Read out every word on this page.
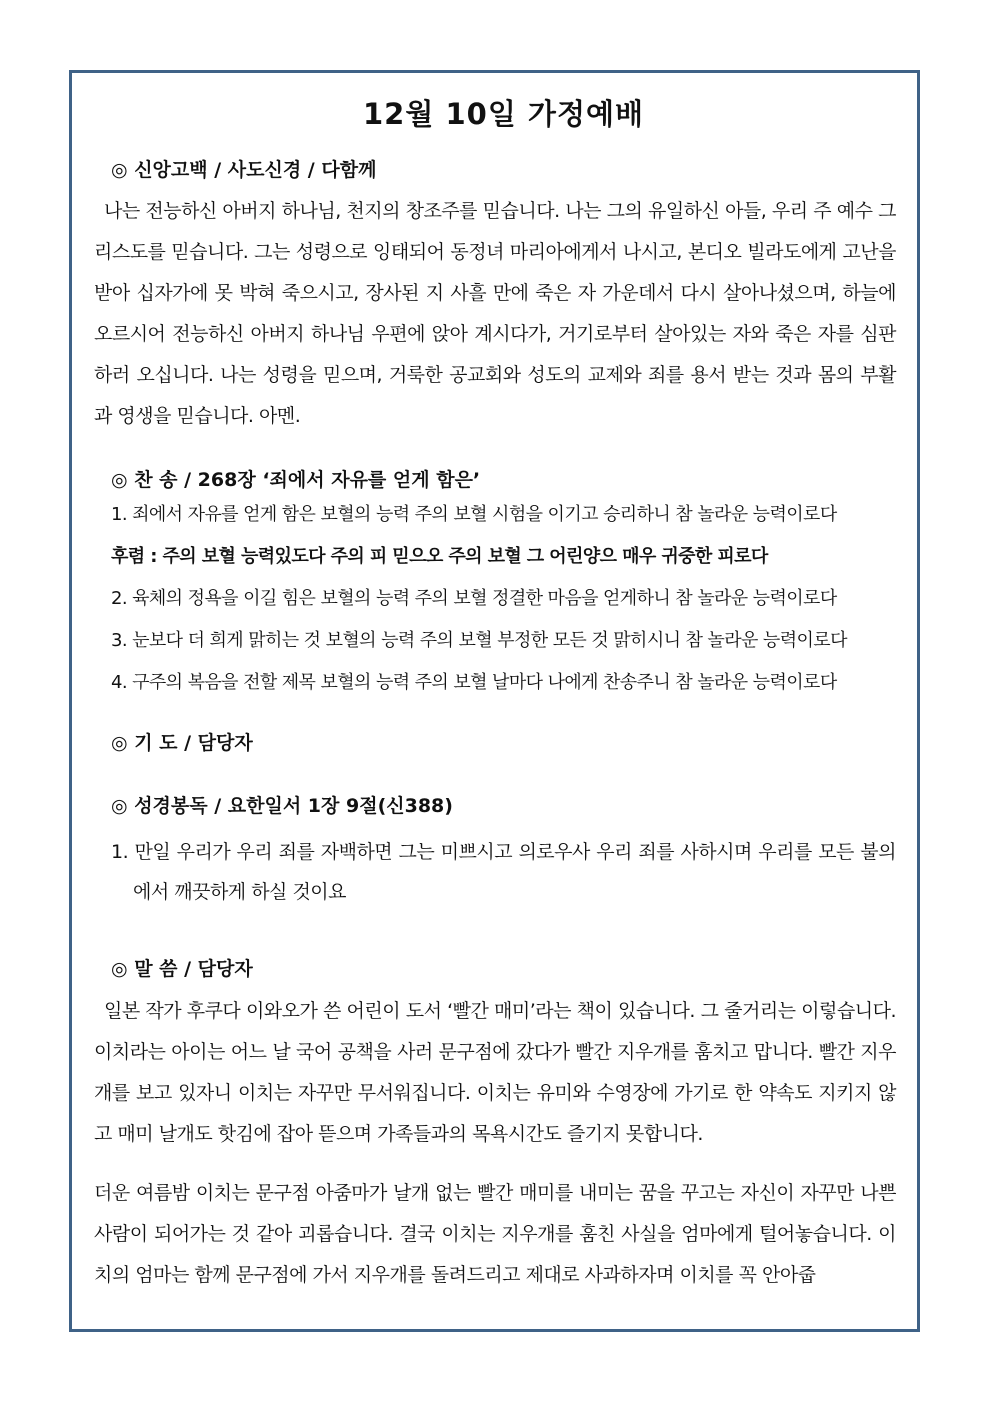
12월 10일 가정예배

◎ 신앙고백 / 사도신경 / 다함께

나는 전능하신 아버지 하나님, 천지의 창조주를 믿습니다. 나는 그의 유일하신 아들, 우리 주 예수 그리스도를 믿습니다. 그는 성령으로 잉태되어 동정녀 마리아에게서 나시고, 본디오 빌라도에게 고난을 받아 십자가에 못 박혀 죽으시고, 장사된 지 사흘 만에 죽은 자 가운데서 다시 살아나셨으며, 하늘에 오르시어 전능하신 아버지 하나님 우편에 앉아 계시다가, 거기로부터 살아있는 자와 죽은 자를 심판하러 오십니다. 나는 성령을 믿으며, 거룩한 공교회와 성도의 교제와 죄를 용서 받는 것과 몸의 부활과 영생을 믿습니다. 아멘.

◎ 찬 송 / 268장 ‘죄에서 자유를 얻게 함은’

1. 죄에서 자유를 얻게 함은 보혈의 능력 주의 보혈 시험을 이기고 승리하니 참 놀라운 능력이로다
후렴 : 주의 보혈 능력있도다 주의 피 믿으오 주의 보혈 그 어린양으 매우 귀중한 피로다
2. 육체의 정욕을 이길 힘은 보혈의 능력 주의 보혈 정결한 마음을 얻게하니 참 놀라운 능력이로다
3. 눈보다 더 희게 맑히는 것 보혈의 능력 주의 보혈 부정한 모든 것 맑히시니 참 놀라운 능력이로다
4. 구주의 복음을 전할 제목 보혈의 능력 주의 보혈 날마다 나에게 찬송주니 참 놀라운 능력이로다

◎ 기 도 / 담당자

◎ 성경봉독 / 요한일서 1장 9절(신388)

1. 만일 우리가 우리 죄를 자백하면 그는 미쁘시고 의로우사 우리 죄를 사하시며 우리를 모든 불의에서 깨끗하게 하실 것이요

◎ 말 씀 / 담당자

일본 작가 후쿠다 이와오가 쓴 어린이 도서 ‘빨간 매미’라는 책이 있습니다. 그 줄거리는 이렇습니다. 이치라는 아이는 어느 날 국어 공책을 사러 문구점에 갔다가 빨간 지우개를 훔치고 맙니다. 빨간 지우개를 보고 있자니 이치는 자꾸만 무서워집니다. 이치는 유미와 수영장에 가기로 한 약속도 지키지 않고 매미 날개도 핫김에 잡아 뜯으며 가족들과의 목욕시간도 즐기지 못합니다.

더운 여름밤 이치는 문구점 아줌마가 날개 없는 빨간 매미를 내미는 꿈을 꾸고는 자신이 자꾸만 나쁜 사람이 되어가는 것 같아 괴롭습니다. 결국 이치는 지우개를 훔친 사실을 엄마에게 털어놓습니다. 이치의 엄마는 함께 문구점에 가서 지우개를 돌려드리고 제대로 사과하자며 이치를 꼭 안아줍
